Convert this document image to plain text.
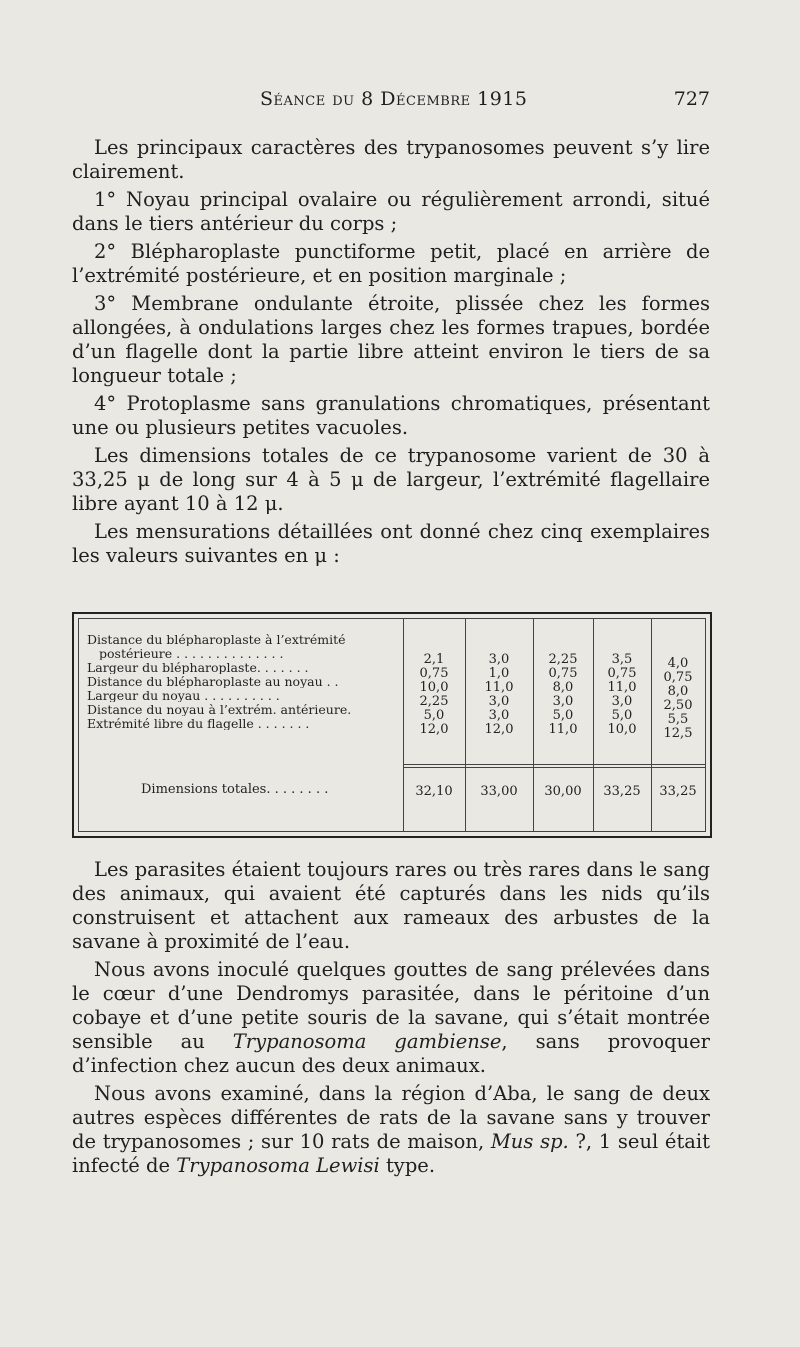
Séance du 8 Décembre 1915	727

Les principaux caractères des trypanosomes peuvent s’y lire clairement.

1° Noyau principal ovalaire ou régulièrement arrondi, situé dans le tiers antérieur du corps ;

2° Blépharoplaste punctiforme petit, placé en arrière de l’extrémité postérieure, et en position marginale ;

3° Membrane ondulante étroite, plissée chez les formes allongées, à ondulations larges chez les formes trapues, bordée d’un flagelle dont la partie libre atteint environ le tiers de sa longueur totale ;

4° Protoplasme sans granulations chromatiques, présentant une ou plusieurs petites vacuoles.

Les dimensions totales de ce trypanosome varient de 30 à 33,25 μ de long sur 4 à 5 μ de largeur, l’extrémité flagellaire libre ayant 10 à 12 μ.

Les mensurations détaillées ont donné chez cinq exemplaires les valeurs suivantes en μ :

Distance du blépharoplaste à l’extrémité
postérieure . . . . . . . . . . . . . .
Largeur du blépharoplaste. . . . . . .
Distance du blépharoplaste au noyau . .
Largeur du noyau . . . . . . . . . .
Distance du noyau à l’extrém. antérieure.
Extrémité libre du flagelle . . . . . . .
Dimensions totales. . . . . . . .
2,1
0,75
10,0
2,25
5,0
12,0
32,10
3,0
1,0
11,0
3,0
3,0
12,0
33,00
2,25
0,75
8,0
3,0
5,0
11,0
30,00
3,5
0,75
11,0
3,0
5,0
10,0
33,25
4,0
0,75
8,0
2,50
5,5
12,5
33,25

Les parasites étaient toujours rares ou très rares dans le sang des animaux, qui avaient été capturés dans les nids qu’ils construisent et attachent aux rameaux des arbustes de la savane à proximité de l’eau.

Nous avons inoculé quelques gouttes de sang prélevées dans le cœur d’une Dendromys parasitée, dans le péritoine d’un cobaye et d’une petite souris de la savane, qui s’était montrée sensible au Trypanosoma gambiense, sans provoquer d’infection chez aucun des deux animaux.

Nous avons examiné, dans la région d’Aba, le sang de deux autres espèces différentes de rats de la savane sans y trouver de trypanosomes ; sur 10 rats de maison, Mus sp. ?, 1 seul était infecté de Trypanosoma Lewisi type.
